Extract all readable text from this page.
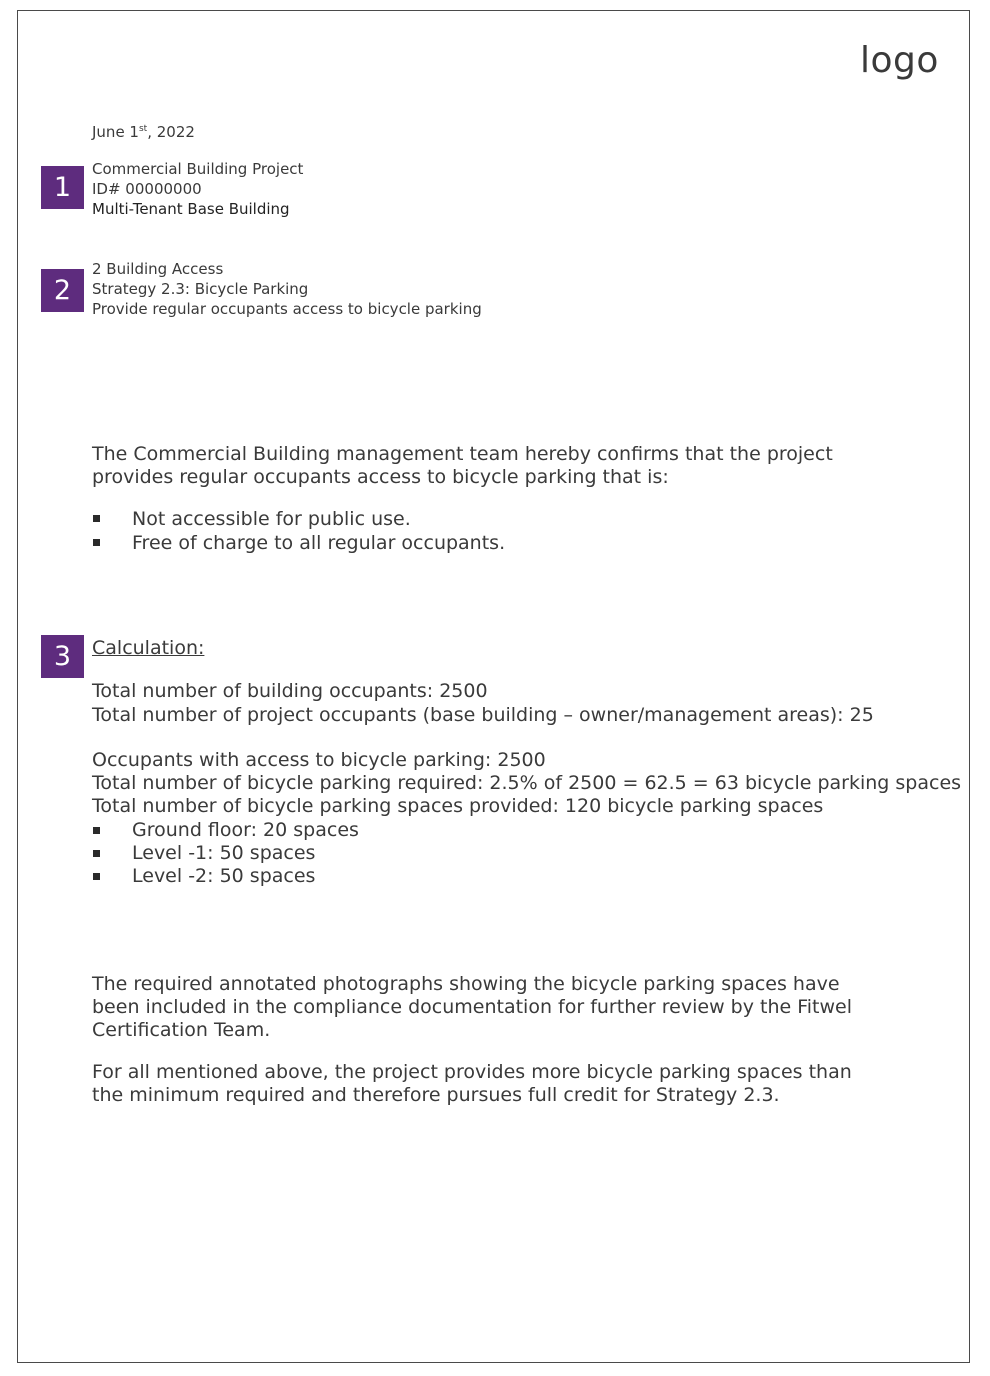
logo
June 1st, 2022
1
Commercial Building Project
ID# 00000000
Multi-Tenant Base Building
2
2 Building Access
Strategy 2.3: Bicycle Parking
Provide regular occupants access to bicycle parking
The Commercial Building management team hereby confirms that the project provides regular occupants access to bicycle parking that is:
Not accessible for public use.
Free of charge to all regular occupants.
3	Calculation:
Total number of building occupants: 2500
Total number of project occupants (base building – owner/management areas): 25
Occupants with access to bicycle parking: 2500
Total number of bicycle parking required: 2.5% of 2500 = 62.5 = 63 bicycle parking spaces
Total number of bicycle parking spaces provided: 120 bicycle parking spaces
Ground floor: 20 spaces
Level -1: 50 spaces
Level -2: 50 spaces
The required annotated photographs showing the bicycle parking spaces have been included in the compliance documentation for further review by the Fitwel Certification Team.
For all mentioned above, the project provides more bicycle parking spaces than the minimum required and therefore pursues full credit for Strategy 2.3.
